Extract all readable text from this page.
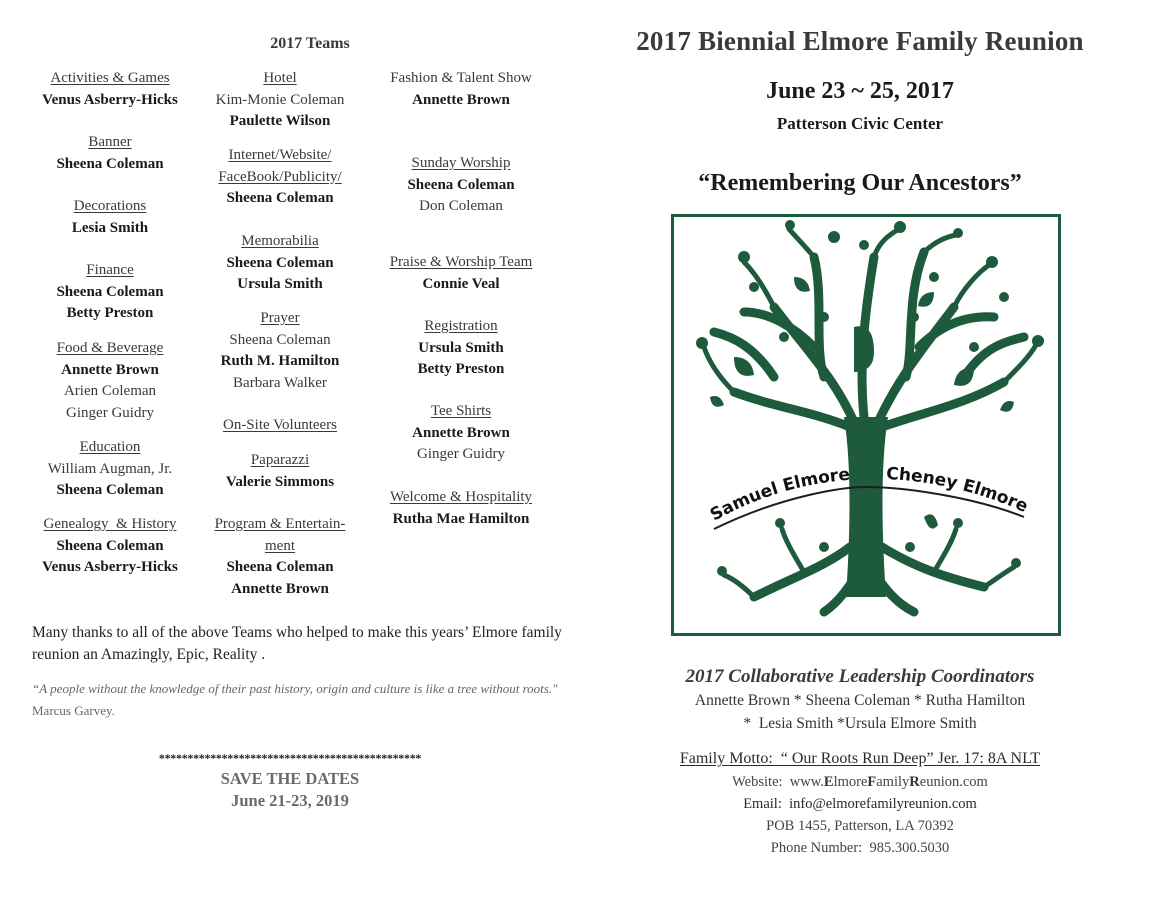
2017 Teams
Activities & Games
Venus Asberry-Hicks
Banner
Sheena Coleman
Decorations
Lesia Smith
Finance
Sheena Coleman
Betty Preston
Food & Beverage
Annette Brown
Arien Coleman
Ginger Guidry
Education
William Augman, Jr.
Sheena Coleman
Genealogy  & History
Sheena Coleman
Venus Asberry-Hicks
Hotel
Kim-Monie Coleman
Paulette Wilson
Internet/Website/
FaceBook/Publicity/
Sheena Coleman
Memorabilia
Sheena Coleman
Ursula Smith
Prayer
Sheena Coleman
Ruth M. Hamilton
Barbara Walker
On-Site Volunteers
Paparazzi
Valerie Simmons
Program & Entertain-
ment
Sheena Coleman
Annette Brown
Fashion & Talent Show
Annette Brown
Sunday Worship
Sheena Coleman
Don Coleman
Praise & Worship Team
Connie Veal
Registration
Ursula Smith
Betty Preston
Tee Shirts
Annette Brown
Ginger Guidry
Welcome & Hospitality
Rutha Mae Hamilton
Many thanks to all of the above Teams who helped to make this years’ Elmore family reunion an Amazingly, Epic, Reality .
“A people without the knowledge of their past history, origin and culture is like a tree without roots."
Marcus Garvey.
**********************************************
SAVE THE DATES
June 21-23, 2019
2017 Biennial Elmore Family Reunion
June 23 ~ 25, 2017
Patterson Civic Center
“Remembering Our Ancestors”
Samuel Elmore Cheney Elmore
2017 Collaborative Leadership Coordinators
Annette Brown * Sheena Coleman * Rutha Hamilton
*  Lesia Smith *Ursula Elmore Smith
Family Motto:  “ Our Roots Run Deep” Jer. 17: 8A NLT
Website:  www.ElmoreFamilyReunion.com
Email:  info@elmorefamilyreunion.com
POB 1455, Patterson, LA 70392
Phone Number:  985.300.5030
